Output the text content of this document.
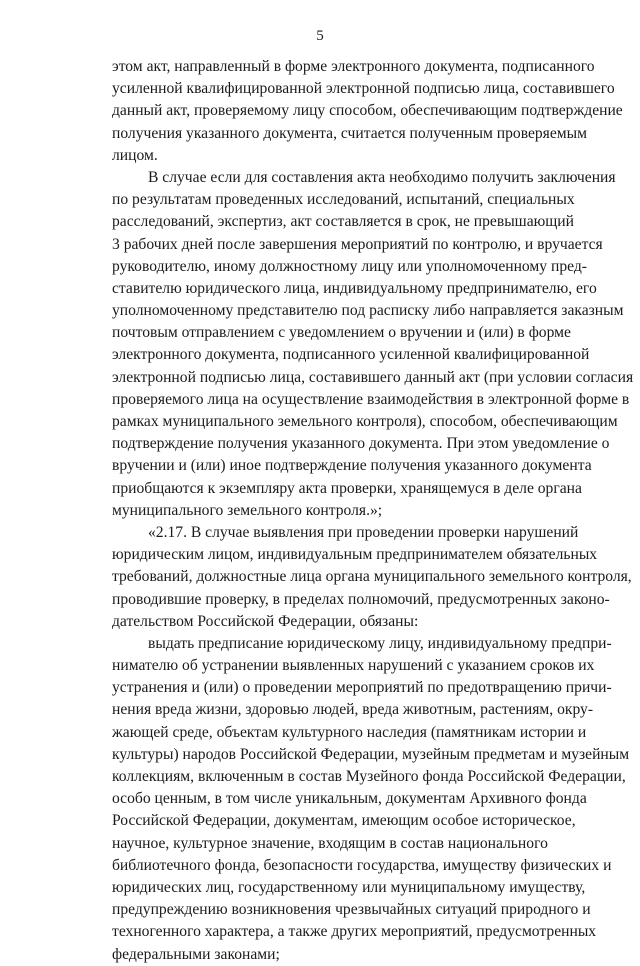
5
этом акт, направленный в форме электронного документа, подписанного
усиленной квалифицированной электронной подписью лица, составившего
данный акт, проверяемому лицу способом, обеспечивающим подтверждение
получения указанного документа, считается полученным проверяемым
лицом.
В случае если для составления акта необходимо получить заключения
по результатам проведенных исследований, испытаний, специальных
расследований, экспертиз, акт составляется в срок, не превышающий
3 рабочих дней после завершения мероприятий по контролю, и вручается
руководителю, иному должностному лицу или уполномоченному пред-
ставителю юридического лица, индивидуальному предпринимателю, его
уполномоченному представителю под расписку либо направляется заказным
почтовым отправлением с уведомлением о вручении и (или) в форме
электронного документа, подписанного усиленной квалифицированной
электронной подписью лица, составившего данный акт (при условии согласия
проверяемого лица на осуществление взаимодействия в электронной форме в
рамках муниципального земельного контроля), способом, обеспечивающим
подтверждение получения указанного документа. При этом уведомление о
вручении и (или) иное подтверждение получения указанного документа
приобщаются к экземпляру акта проверки, хранящемуся в деле органа
муниципального земельного контроля.»;
«2.17. В случае выявления при проведении проверки нарушений
юридическим лицом, индивидуальным предпринимателем обязательных
требований, должностные лица органа муниципального земельного контроля,
проводившие проверку, в пределах полномочий, предусмотренных законо-
дательством Российской Федерации, обязаны:
выдать предписание юридическому лицу, индивидуальному предпри-
нимателю об устранении выявленных нарушений с указанием сроков их
устранения и (или) о проведении мероприятий по предотвращению причи-
нения вреда жизни, здоровью людей, вреда животным, растениям, окру-
жающей среде, объектам культурного наследия (памятникам истории и
культуры) народов Российской Федерации, музейным предметам и музейным
коллекциям, включенным в состав Музейного фонда Российской Федерации,
особо ценным, в том числе уникальным, документам Архивного фонда
Российской Федерации, документам, имеющим особое историческое,
научное, культурное значение, входящим в состав национального
библиотечного фонда, безопасности государства, имуществу физических и
юридических лиц, государственному или муниципальному имуществу,
предупреждению возникновения чрезвычайных ситуаций природного и
техногенного характера, а также других мероприятий, предусмотренных
федеральными законами;
